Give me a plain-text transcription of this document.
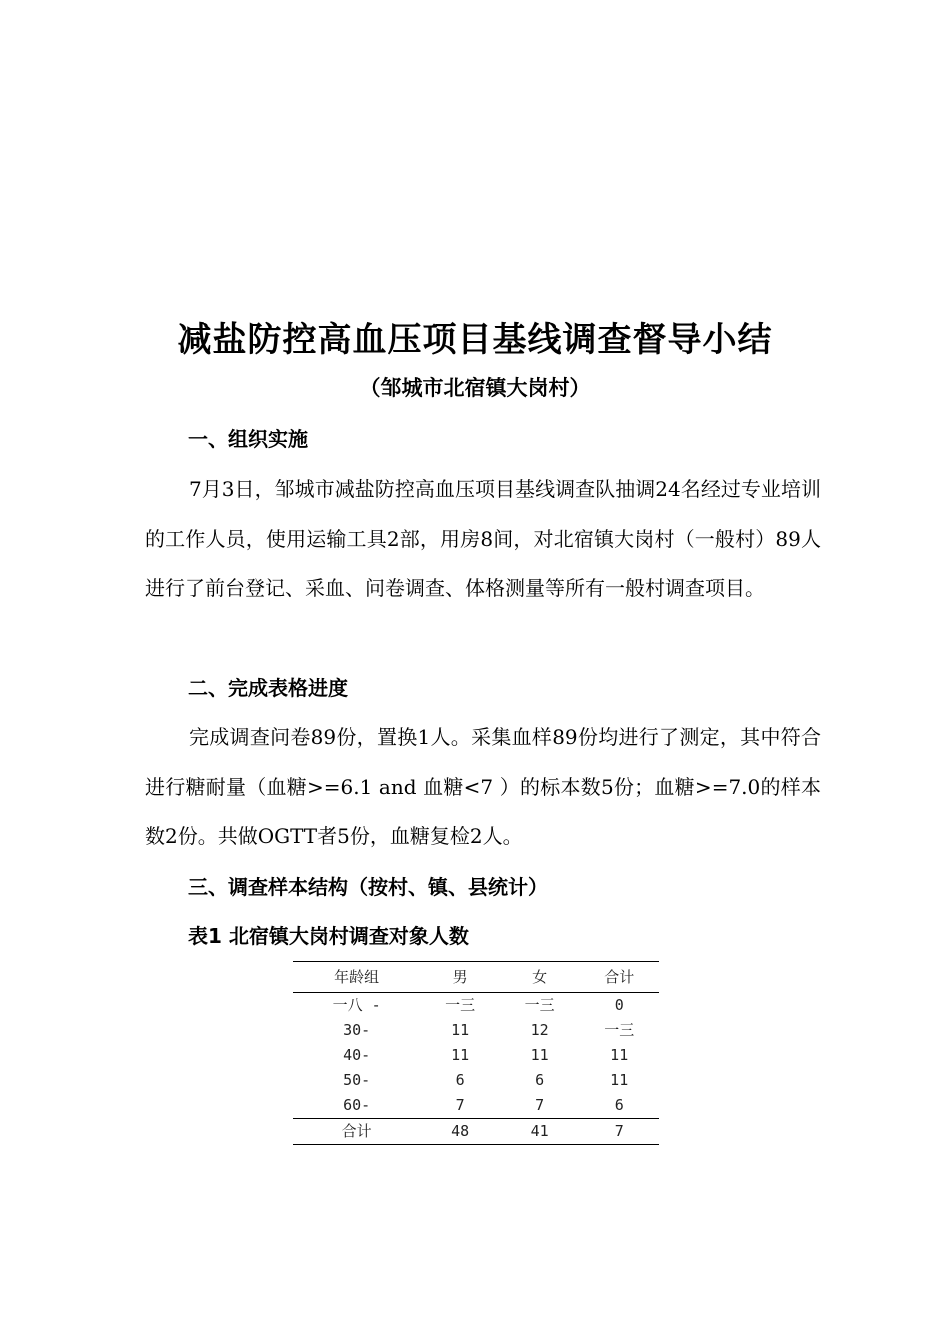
减盐防控高血压项目基线调查督导小结
（邹城市北宿镇大岗村）
一、组织实施

7月3日，邹城市减盐防控高血压项目基线调查队抽调24名经过专业培训的工作人员，使用运输工具2部，用房8间，对北宿镇大岗村（一般村）89人进行了前台登记、采血、问卷调查、体格测量等所有一般村调查项目。

二、完成表格进度

完成调查问卷89份，置换1人。采集血样89份均进行了测定，其中符合进行糖耐量（血糖>=6.1 and 血糖<7 ）的标本数5份；血糖>=7.0的样本数2份。共做OGTT者5份，血糖复检2人。

三、调查样本结构（按村、镇、县统计）
表1 北宿镇大岗村调查对象人数
年龄组	男	女	合计
一八 -	一三	一三	0
30-	11	12	一三
40-	11	11	11
50-	6	6	11
60-	7	7	6
合计	48	41	7
